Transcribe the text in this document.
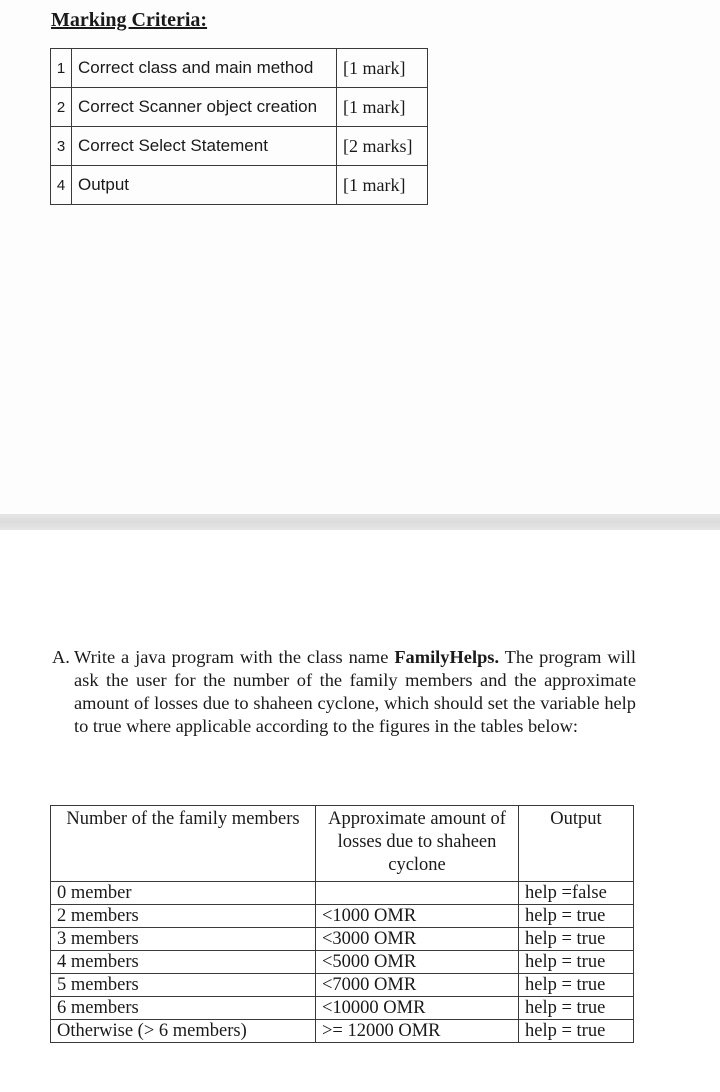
Marking Criteria:
1	Correct class and main method	[1 mark]
2	Correct Scanner object creation	[1 mark]
3	Correct Select Statement	[2 marks]
4	Output	[1 mark]
A. Write a java program with the class name FamilyHelps. The program will ask the user for the number of the family members and the approximate amount of losses due to shaheen cyclone, which should set the variable help to true where applicable according to the figures in the tables below:
Number of the family members	Approximate amount of losses due to shaheen cyclone	Output
0 member		help =false
2 members	<1000 OMR	help = true
3 members	<3000 OMR	help = true
4 members	<5000 OMR	help = true
5 members	<7000 OMR	help = true
6 members	<10000 OMR	help = true
Otherwise (> 6 members)	>= 12000 OMR	help = true
